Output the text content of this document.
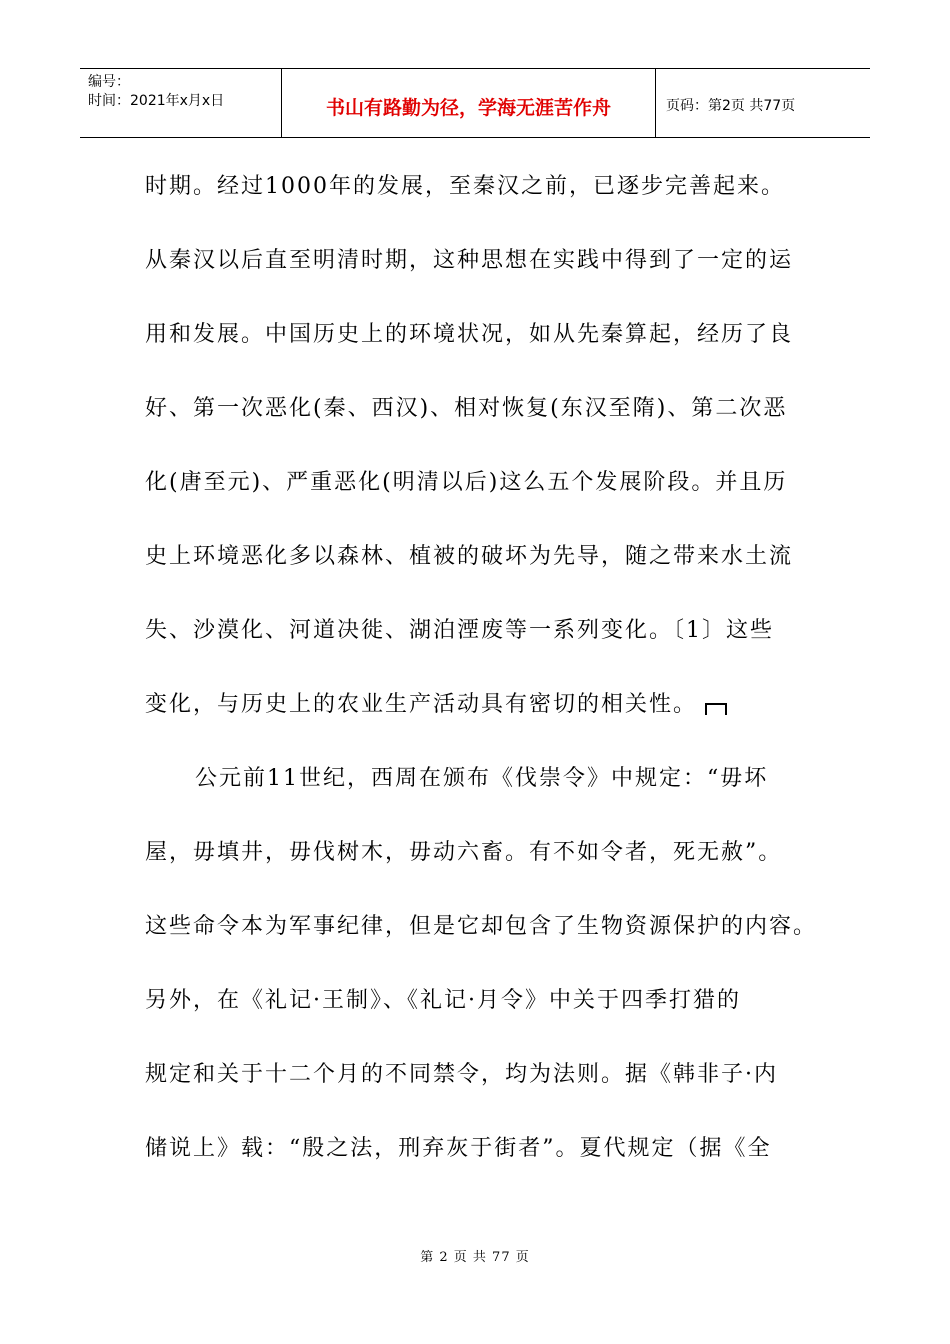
编号：
时间：2021年x月x日	书山有路勤为径，学海无涯苦作舟	页码：第2页 共77页
时期。经过1000年的发展，至秦汉之前，已逐步完善起来。
从秦汉以后直至明清时期，这种思想在实践中得到了一定的运
用和发展。中国历史上的环境状况，如从先秦算起，经历了良
好、第一次恶化(秦、西汉)、相对恢复(东汉至隋)、第二次恶
化(唐至元)、严重恶化(明清以后)这么五个发展阶段。并且历
史上环境恶化多以森林、植被的破坏为先导，随之带来水土流
失、沙漠化、河道决徙、湖泊湮废等一系列变化。〔1〕这些
变化，与历史上的农业生产活动具有密切的相关性。
公元前11世纪，西周在颁布《伐崇令》中规定：“毋坏
屋，毋填井，毋伐树木，毋动六畜。有不如令者，死无赦”。
这些命令本为军事纪律，但是它却包含了生物资源保护的内容。
另外，在《礼记·王制》、《礼记·月令》中关于四季打猎的
规定和关于十二个月的不同禁令，均为法则。据《韩非子·内
储说上》载：“殷之法，刑弃灰于街者”。夏代规定（据《全
第 2 页 共 77 页
